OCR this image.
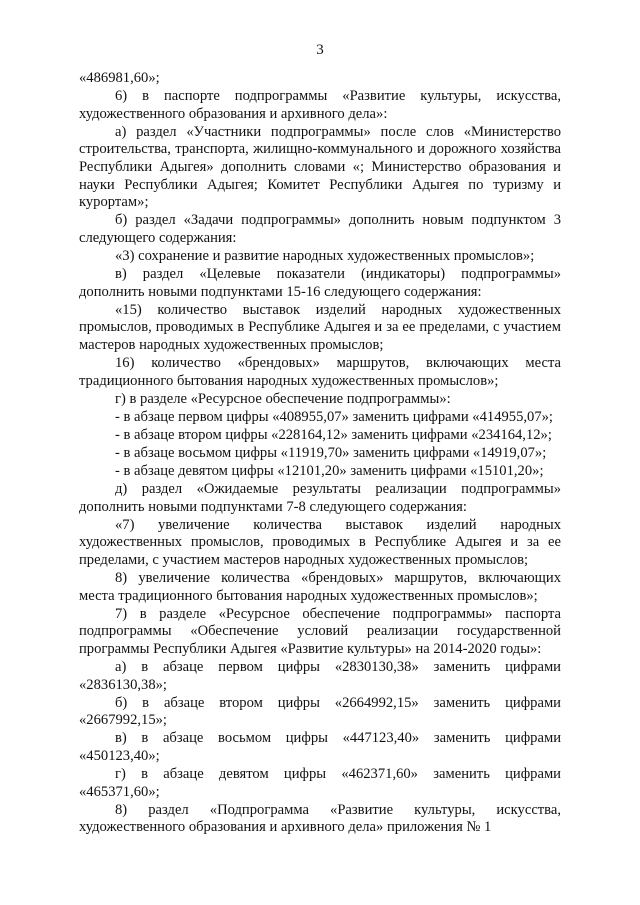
3

«486981,60»;

6) в паспорте подпрограммы «Развитие культуры, искусства, художественного образования и архивного дела»:

а) раздел «Участники подпрограммы» после слов «Министерство строительства, транспорта, жилищно-коммунального и дорожного хозяйства Республики Адыгея» дополнить словами «; Министерство образования и науки Республики Адыгея; Комитет Республики Адыгея по туризму и курортам»;

б) раздел «Задачи подпрограммы» дополнить новым подпунктом 3 следующего содержания:

«3) сохранение и развитие народных художественных промыслов»;

в) раздел «Целевые показатели (индикаторы) подпрограммы» дополнить новыми подпунктами 15-16 следующего содержания:

«15) количество выставок изделий народных художественных промыслов, проводимых в Республике Адыгея и за ее пределами, с участием мастеров народных художественных промыслов;

16) количество «брендовых» маршрутов, включающих места традиционного бытования народных художественных промыслов»;

г) в разделе «Ресурсное обеспечение подпрограммы»:

- в абзаце первом цифры «408955,07» заменить цифрами «414955,07»;

- в абзаце втором цифры «228164,12» заменить цифрами «234164,12»;

- в абзаце восьмом цифры «11919,70» заменить цифрами «14919,07»;

- в абзаце девятом цифры «12101,20» заменить цифрами «15101,20»;

д) раздел «Ожидаемые результаты реализации подпрограммы» дополнить новыми подпунктами 7-8 следующего содержания:

«7) увеличение количества выставок изделий народных художественных промыслов, проводимых в Республике Адыгея и за ее пределами, с участием мастеров народных художественных промыслов;

8) увеличение количества «брендовых» маршрутов, включающих места традиционного бытования народных художественных промыслов»;

7) в разделе «Ресурсное обеспечение подпрограммы» паспорта подпрограммы «Обеспечение условий реализации государственной программы Республики Адыгея «Развитие культуры» на 2014-2020 годы»:

а) в абзаце первом цифры «2830130,38» заменить цифрами «2836130,38»;

б) в абзаце втором цифры «2664992,15» заменить цифрами «2667992,15»;

в) в абзаце восьмом цифры «447123,40» заменить цифрами «450123,40»;

г) в абзаце девятом цифры «462371,60» заменить цифрами «465371,60»;

8) раздел «Подпрограмма «Развитие культуры, искусства, художественного образования и архивного дела» приложения № 1
